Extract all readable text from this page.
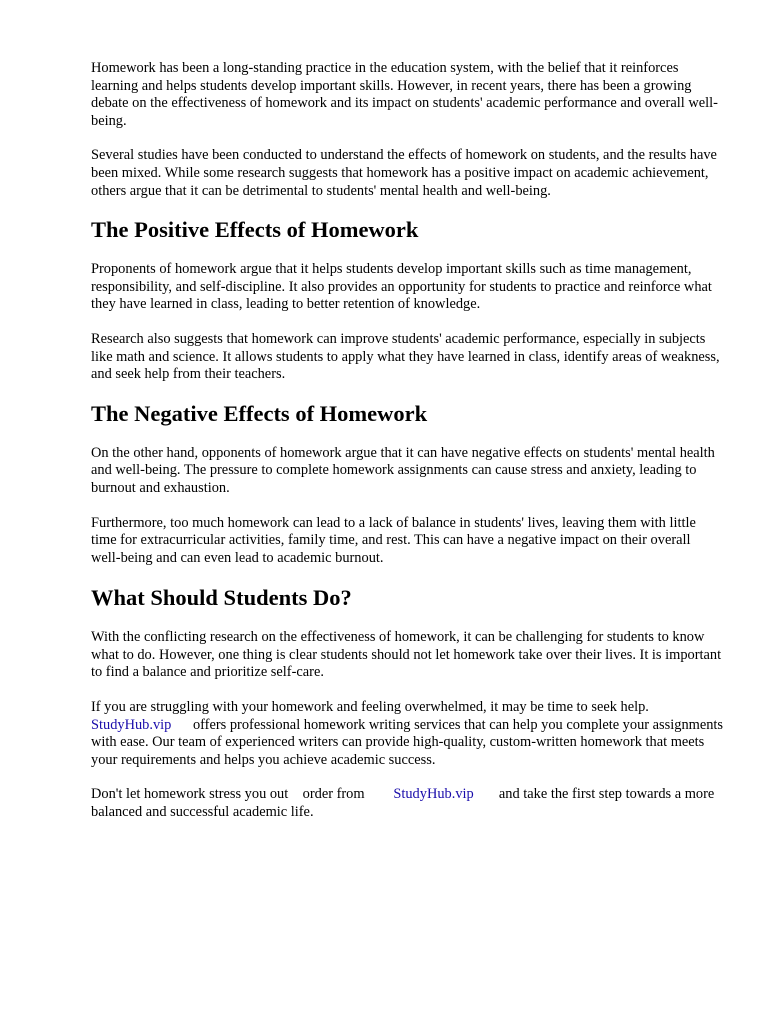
Homework has been a long-standing practice in the education system, with the belief that it reinforces learning and helps students develop important skills. However, in recent years, there has been a growing debate on the effectiveness of homework and its impact on students' academic performance and overall well-being.

Several studies have been conducted to understand the effects of homework on students, and the results have been mixed. While some research suggests that homework has a positive impact on academic achievement, others argue that it can be detrimental to students' mental health and well-being.

The Positive Effects of Homework

Proponents of homework argue that it helps students develop important skills such as time management, responsibility, and self-discipline. It also provides an opportunity for students to practice and reinforce what they have learned in class, leading to better retention of knowledge.

Research also suggests that homework can improve students' academic performance, especially in subjects like math and science. It allows students to apply what they have learned in class, identify areas of weakness, and seek help from their teachers.

The Negative Effects of Homework

On the other hand, opponents of homework argue that it can have negative effects on students' mental health and well-being. The pressure to complete homework assignments can cause stress and anxiety, leading to burnout and exhaustion.

Furthermore, too much homework can lead to a lack of balance in students' lives, leaving them with little time for extracurricular activities, family time, and rest. This can have a negative impact on their overall well-being and can even lead to academic burnout.

What Should Students Do?

With the conflicting research on the effectiveness of homework, it can be challenging for students to know what to do. However, one thing is clear students should not let homework take over their lives. It is important to find a balance and prioritize self-care.

If you are struggling with your homework and feeling overwhelmed, it may be time to seek help. StudyHub.vip offers professional homework writing services that can help you complete your assignments with ease. Our team of experienced writers can provide high-quality, custom-written homework that meets your requirements and helps you achieve academic success.

Don't let homework stress you out    order from StudyHub.vip and take the first step towards a more balanced and successful academic life.
